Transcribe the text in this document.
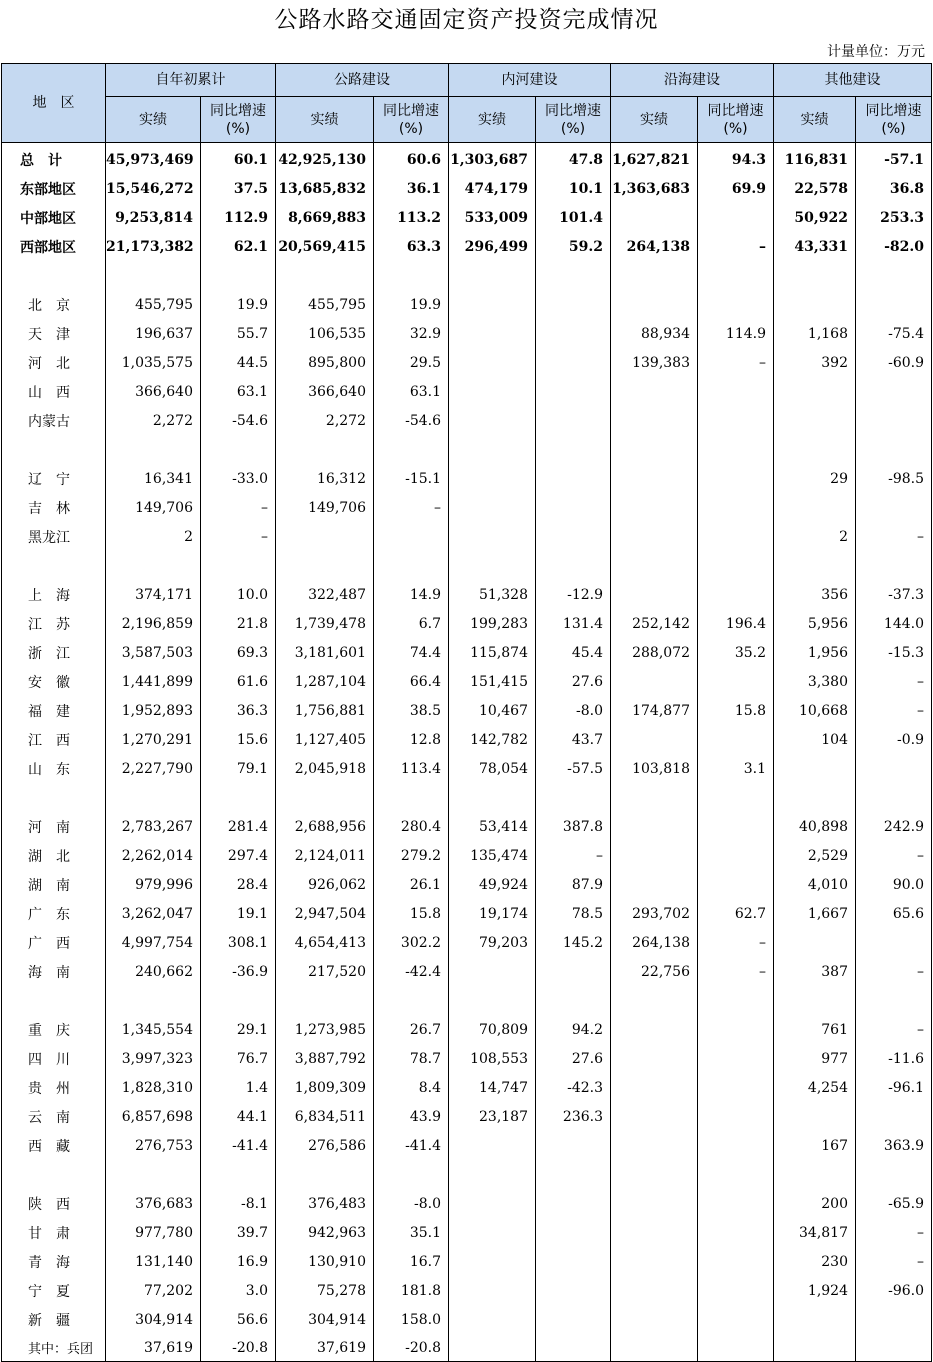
公路水路交通固定资产投资完成情况
计量单位：万元
地　区	自年初累计		公路建设		内河建设		沿海建设		其他建设	
	实绩	同比增速(%)	实绩	同比增速(%)	实绩	同比增速(%)	实绩	同比增速(%)	实绩	同比增速(%)
总　计	45,973,469	60.1	42,925,130	60.6	1,303,687	47.8	1,627,821	94.3	116,831	-57.1
东部地区	15,546,272	37.5	13,685,832	36.1	474,179	10.1	1,363,683	69.9	22,578	36.8
中部地区	9,253,814	112.9	8,669,883	113.2	533,009	101.4			50,922	253.3
西部地区	21,173,382	62.1	20,569,415	63.3	296,499	59.2	264,138	–	43,331	-82.0

北　京	455,795	19.9	455,795	19.9						
天　津	196,637	55.7	106,535	32.9			88,934	114.9	1,168	-75.4
河　北	1,035,575	44.5	895,800	29.5			139,383	–	392	-60.9
山　西	366,640	63.1	366,640	63.1						
内蒙古	2,272	-54.6	2,272	-54.6						

辽　宁	16,341	-33.0	16,312	-15.1					29	-98.5
吉　林	149,706	–	149,706	–						
黑龙江	2	–							2	–

上　海	374,171	10.0	322,487	14.9	51,328	-12.9			356	-37.3
江　苏	2,196,859	21.8	1,739,478	6.7	199,283	131.4	252,142	196.4	5,956	144.0
浙　江	3,587,503	69.3	3,181,601	74.4	115,874	45.4	288,072	35.2	1,956	-15.3
安　徽	1,441,899	61.6	1,287,104	66.4	151,415	27.6			3,380	–
福　建	1,952,893	36.3	1,756,881	38.5	10,467	-8.0	174,877	15.8	10,668	–
江　西	1,270,291	15.6	1,127,405	12.8	142,782	43.7			104	-0.9
山　东	2,227,790	79.1	2,045,918	113.4	78,054	-57.5	103,818	3.1		

河　南	2,783,267	281.4	2,688,956	280.4	53,414	387.8			40,898	242.9
湖　北	2,262,014	297.4	2,124,011	279.2	135,474	–			2,529	–
湖　南	979,996	28.4	926,062	26.1	49,924	87.9			4,010	90.0
广　东	3,262,047	19.1	2,947,504	15.8	19,174	78.5	293,702	62.7	1,667	65.6
广　西	4,997,754	308.1	4,654,413	302.2	79,203	145.2	264,138	–		
海　南	240,662	-36.9	217,520	-42.4			22,756	–	387	–

重　庆	1,345,554	29.1	1,273,985	26.7	70,809	94.2			761	–
四　川	3,997,323	76.7	3,887,792	78.7	108,553	27.6			977	-11.6
贵　州	1,828,310	1.4	1,809,309	8.4	14,747	-42.3			4,254	-96.1
云　南	6,857,698	44.1	6,834,511	43.9	23,187	236.3				
西　藏	276,753	-41.4	276,586	-41.4					167	363.9

陕　西	376,683	-8.1	376,483	-8.0					200	-65.9
甘　肃	977,780	39.7	942,963	35.1					34,817	–
青　海	131,140	16.9	130,910	16.7					230	–
宁　夏	77,202	3.0	75,278	181.8					1,924	-96.0
新　疆	304,914	56.6	304,914	158.0						
其中：兵团	37,619	-20.8	37,619	-20.8						
